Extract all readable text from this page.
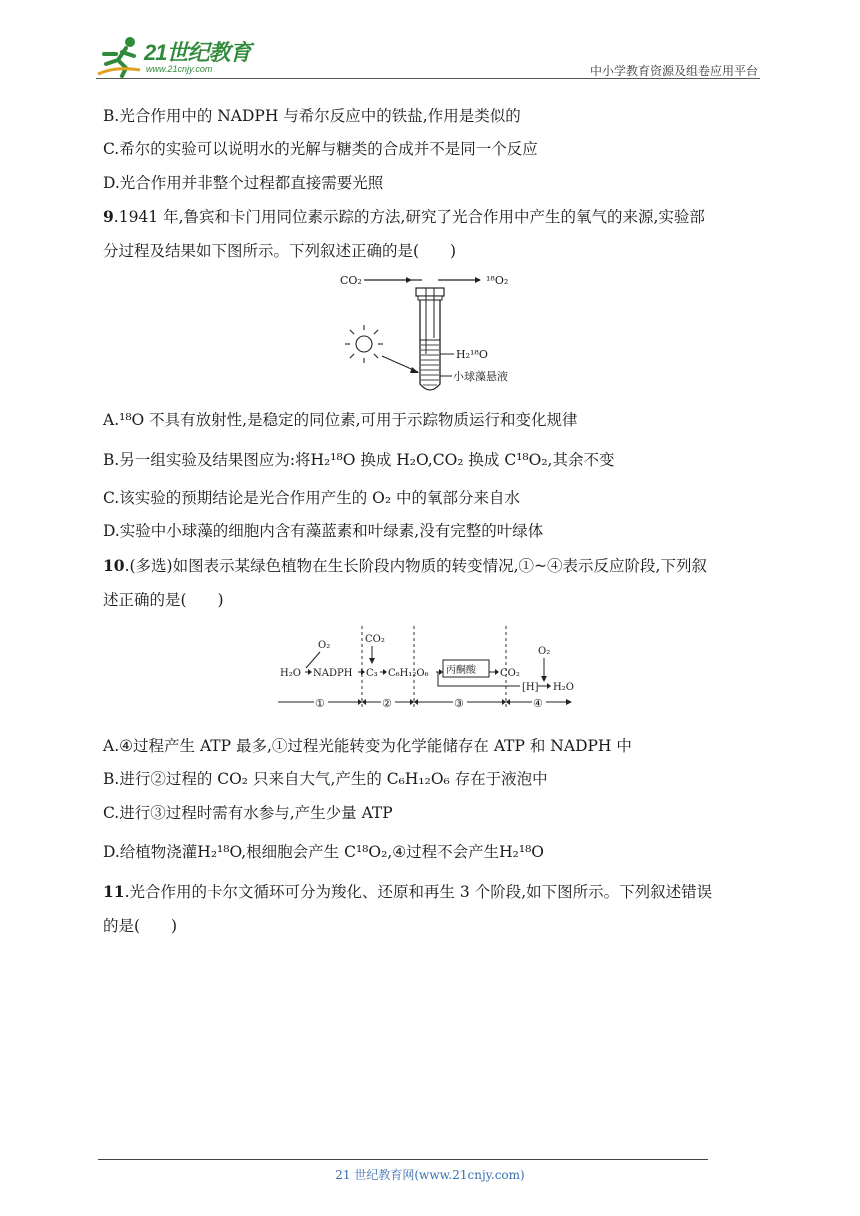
21世纪教育
www.21cnjy.com	中小学教育资源及组卷应用平台
B.光合作用中的 NADPH 与希尔反应中的铁盐,作用是类似的
C.希尔的实验可以说明水的光解与糖类的合成并不是同一个反应
D.光合作用并非整个过程都直接需要光照
9.1941 年,鲁宾和卡门用同位素示踪的方法,研究了光合作用中产生的氧气的来源,实验部
分过程及结果如下图所示。下列叙述正确的是(　　)
CO₂	¹⁸O₂
H₂¹⁸O
小球藻悬液
A.¹⁸O 不具有放射性,是稳定的同位素,可用于示踪物质运行和变化规律
B.另一组实验及结果图应为:将H₂¹⁸O 换成 H₂O,CO₂ 换成 C¹⁸O₂,其余不变
C.该实验的预期结论是光合作用产生的 O₂ 中的氧部分来自水
D.实验中小球藻的细胞内含有藻蓝素和叶绿素,没有完整的叶绿体
10.(多选)如图表示某绿色植物在生长阶段内物质的转变情况,①~④表示反应阶段,下列叙
述正确的是(　　)
O₂
H₂O NADPH
CO₂
C₃ C₆H₁₂O₆ 丙酮酸 CO₂
[H]
O₂
H₂O
①	②	③	④
A.④过程产生 ATP 最多,①过程光能转变为化学能储存在 ATP 和 NADPH 中
B.进行②过程的 CO₂ 只来自大气,产生的 C₆H₁₂O₆ 存在于液泡中
C.进行③过程时需有水参与,产生少量 ATP
D.给植物浇灌H₂¹⁸O,根细胞会产生 C¹⁸O₂,④过程不会产生H₂¹⁸O
11.光合作用的卡尔文循环可分为羧化、还原和再生 3 个阶段,如下图所示。下列叙述错误
的是(　　)
21 世纪教育网(www.21cnjy.com)
